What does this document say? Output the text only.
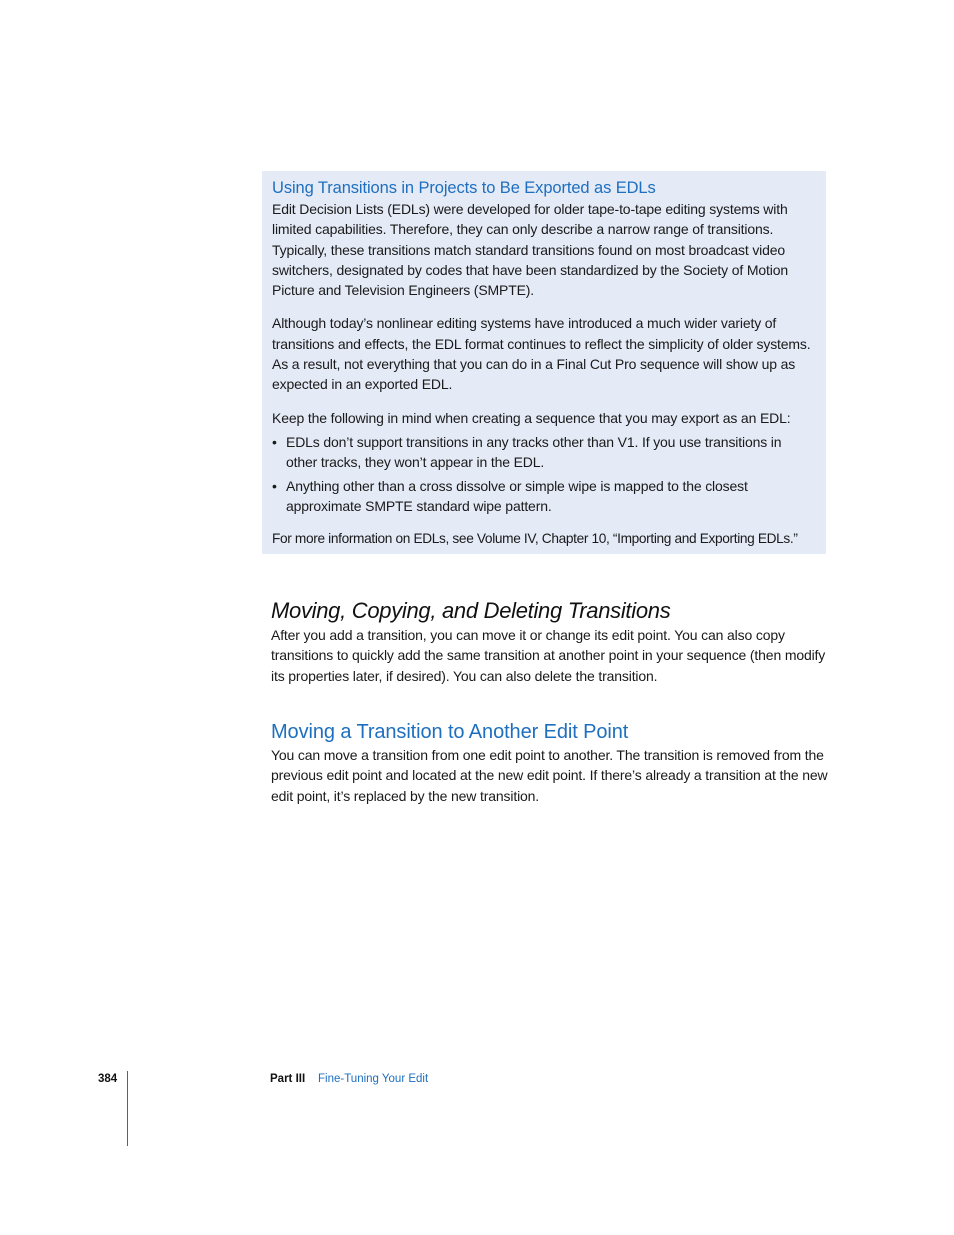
Using Transitions in Projects to Be Exported as EDLs

Edit Decision Lists (EDLs) were developed for older tape-to-tape editing systems with limited capabilities. Therefore, they can only describe a narrow range of transitions. Typically, these transitions match standard transitions found on most broadcast video switchers, designated by codes that have been standardized by the Society of Motion Picture and Television Engineers (SMPTE).

Although today’s nonlinear editing systems have introduced a much wider variety of transitions and effects, the EDL format continues to reflect the simplicity of older systems. As a result, not everything that you can do in a Final Cut Pro sequence will show up as expected in an exported EDL.

Keep the following in mind when creating a sequence that you may export as an EDL:

• EDLs don’t support transitions in any tracks other than V1. If you use transitions in other tracks, they won’t appear in the EDL.
• Anything other than a cross dissolve or simple wipe is mapped to the closest approximate SMPTE standard wipe pattern.

For more information on EDLs, see Volume IV, Chapter 10, “Importing and Exporting EDLs.”

Moving, Copying, and Deleting Transitions

After you add a transition, you can move it or change its edit point. You can also copy transitions to quickly add the same transition at another point in your sequence (then modify its properties later, if desired). You can also delete the transition.

Moving a Transition to Another Edit Point

You can move a transition from one edit point to another. The transition is removed from the previous edit point and located at the new edit point. If there’s already a transition at the new edit point, it’s replaced by the new transition.

384	Part III Fine-Tuning Your Edit
